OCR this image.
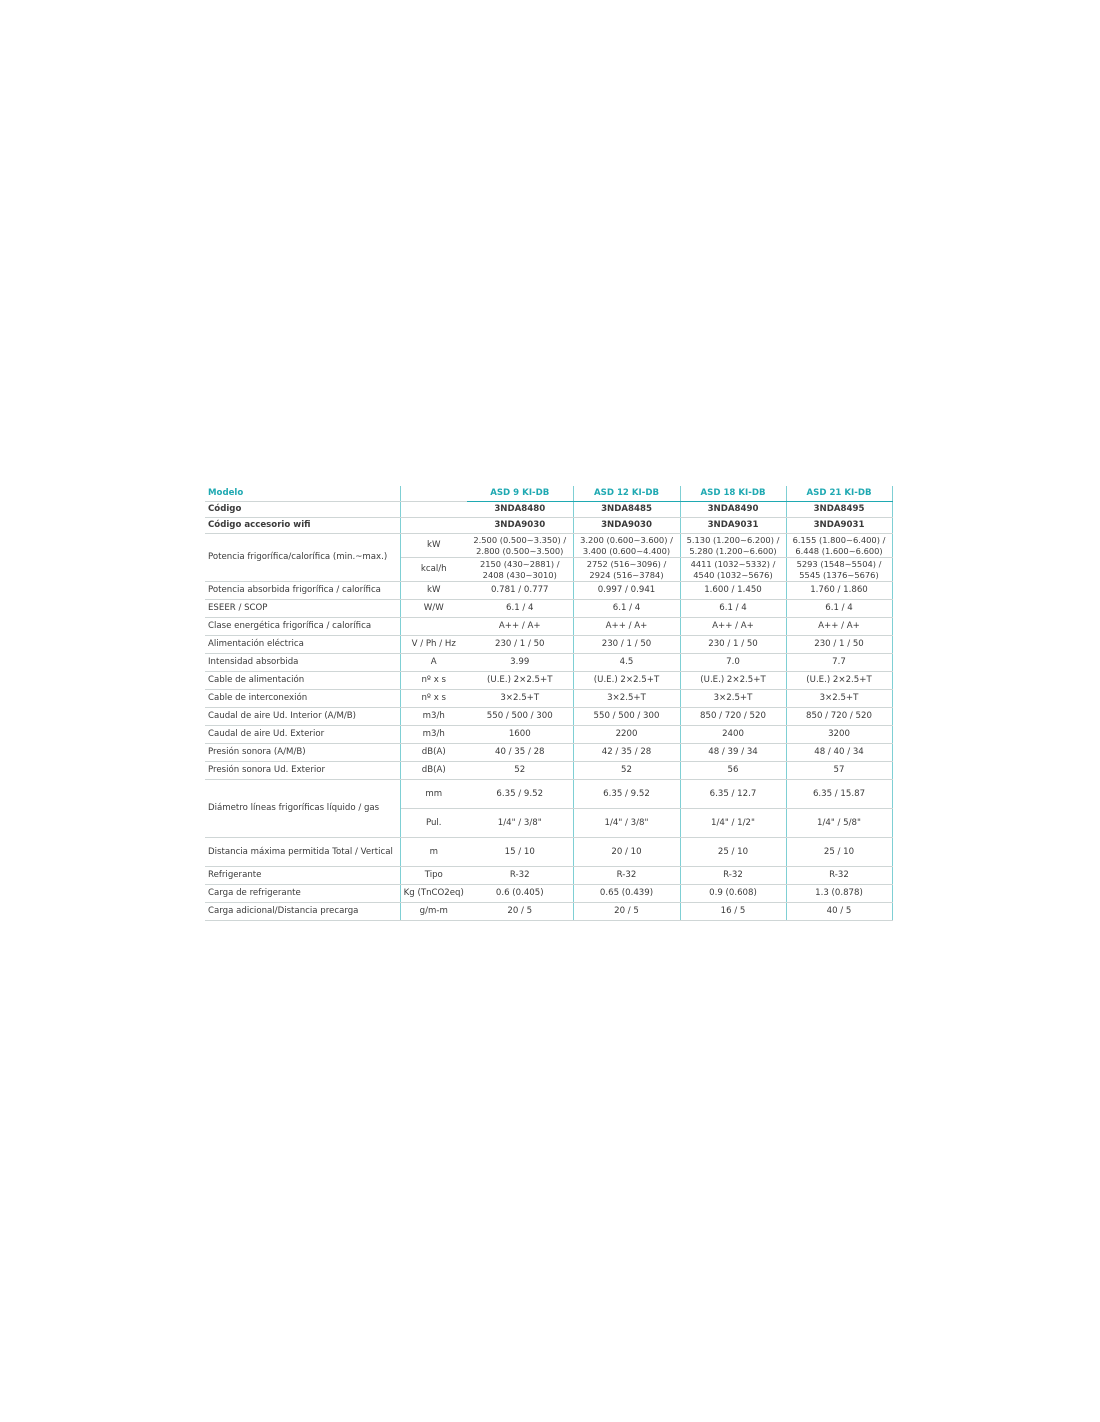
Modelo		ASD 9 KI-DB	ASD 12 KI-DB	ASD 18 KI-DB	ASD 21 KI-DB
Código		3NDA8480	3NDA8485	3NDA8490	3NDA8495
Código accesorio wifi		3NDA9030	3NDA9030	3NDA9031	3NDA9031
Potencia frigorífica/calorífica (min.~max.)	kW	2.500 (0.500~3.350) / 2.800 (0.500~3.500)	3.200 (0.600~3.600) / 3.400 (0.600~4.400)	5.130 (1.200~6.200) / 5.280 (1.200~6.600)	6.155 (1.800~6.400) / 6.448 (1.600~6.600)
	kcal/h	2150 (430~2881) / 2408 (430~3010)	2752 (516~3096) / 2924 (516~3784)	4411 (1032~5332) / 4540 (1032~5676)	5293 (1548~5504) / 5545 (1376~5676)
Potencia absorbida frigorífica / calorífica	kW	0.781 / 0.777	0.997 / 0.941	1.600 / 1.450	1.760 / 1.860
ESEER / SCOP	W/W	6.1 / 4	6.1 / 4	6.1 / 4	6.1 / 4
Clase energética frigorífica / calorífica		A++ / A+	A++ / A+	A++ / A+	A++ / A+
Alimentación eléctrica	V / Ph / Hz	230 / 1 / 50	230 / 1 / 50	230 / 1 / 50	230 / 1 / 50
Intensidad absorbida	A	3.99	4.5	7.0	7.7
Cable de alimentación	nº x s	(U.E.) 2×2.5+T	(U.E.) 2×2.5+T	(U.E.) 2×2.5+T	(U.E.) 2×2.5+T
Cable de interconexión	nº x s	3×2.5+T	3×2.5+T	3×2.5+T	3×2.5+T
Caudal de aire Ud. Interior (A/M/B)	m3/h	550 / 500 / 300	550 / 500 / 300	850 / 720 / 520	850 / 720 / 520
Caudal de aire Ud. Exterior	m3/h	1600	2200	2400	3200
Presión sonora (A/M/B)	dB(A)	40 / 35 / 28	42 / 35 / 28	48 / 39 / 34	48 / 40 / 34
Presión sonora Ud. Exterior	dB(A)	52	52	56	57
Diámetro líneas frigoríficas líquido / gas	mm	6.35 / 9.52	6.35 / 9.52	6.35 / 12.7	6.35 / 15.87
	Pul.	1/4" / 3/8"	1/4" / 3/8"	1/4" / 1/2"	1/4" / 5/8"
Distancia máxima permitida Total / Vertical	m	15 / 10	20 / 10	25 / 10	25 / 10
Refrigerante	Tipo	R-32	R-32	R-32	R-32
Carga de refrigerante	Kg (TnCO2eq)	0.6 (0.405)	0.65 (0.439)	0.9 (0.608)	1.3 (0.878)
Carga adicional/Distancia precarga	g/m-m	20 / 5	20 / 5	16 / 5	40 / 5
